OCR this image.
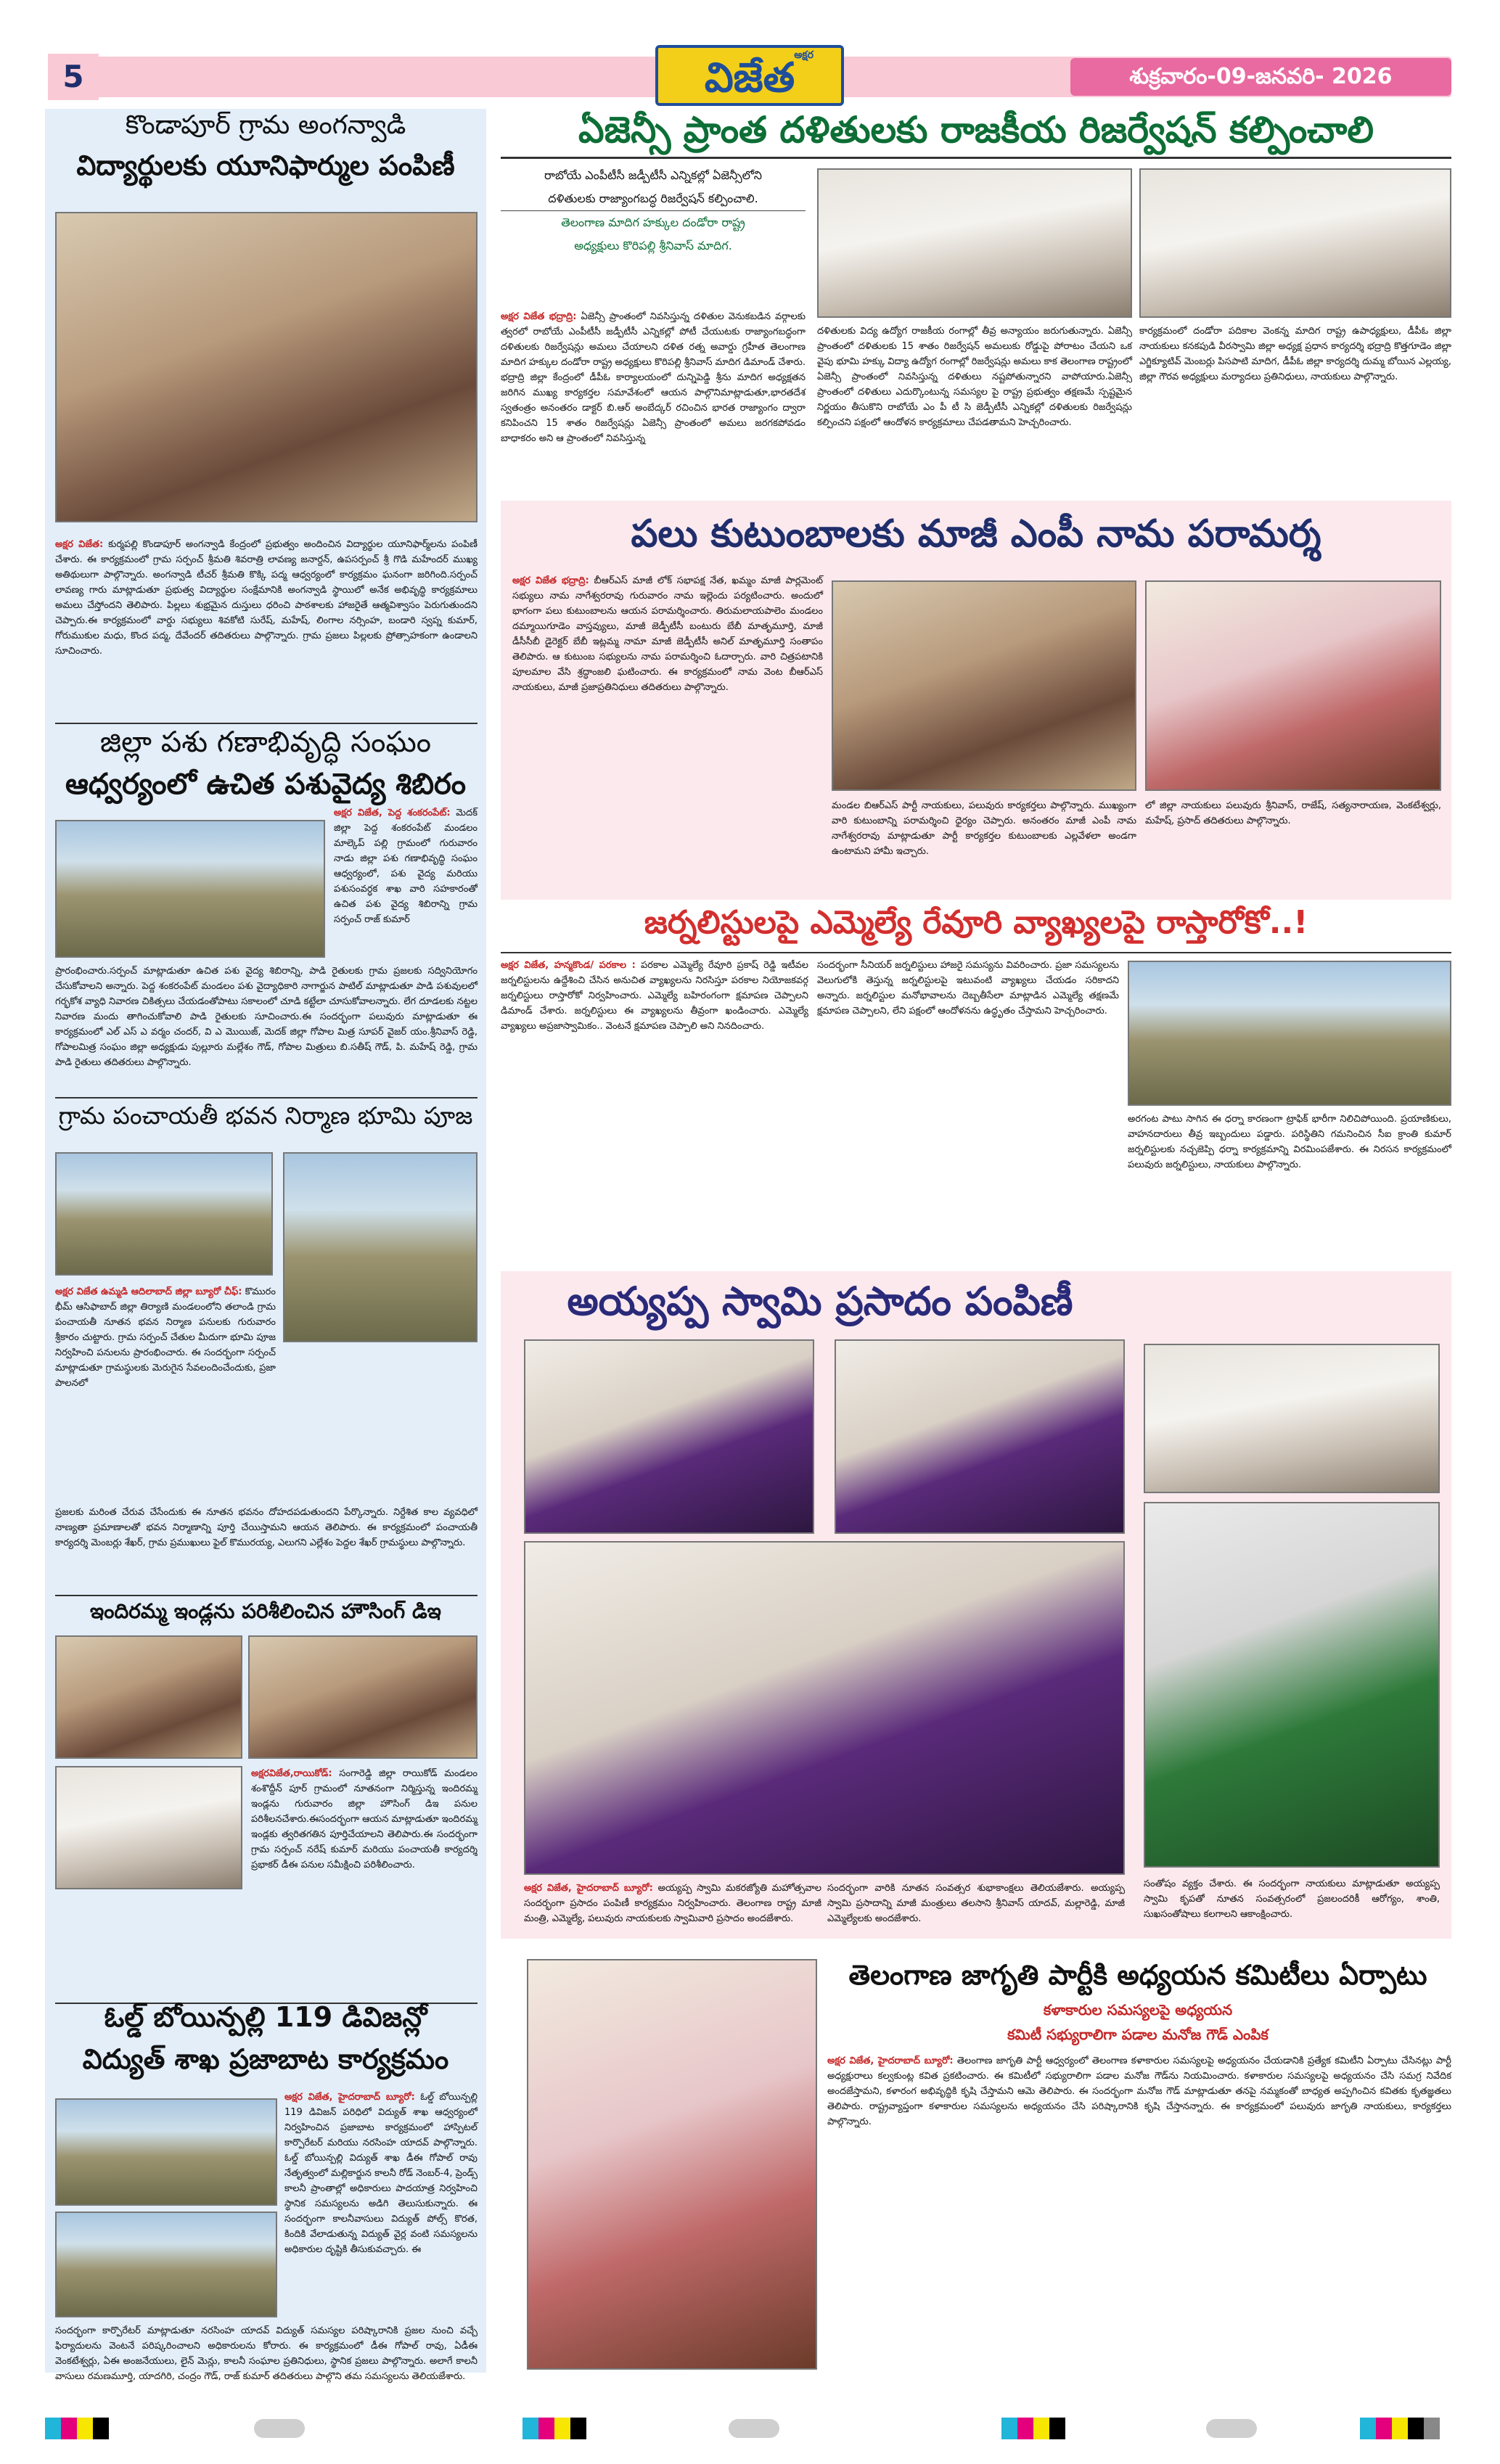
5
అక్షర
విజేత	శుక్రవారం-09-జనవరి- 2026
కొండాపూర్ గ్రామ అంగన్వాడి
విద్యార్థులకు యూనిఫార్ముల పంపిణీ
అక్షర విజేత: కుర్మపల్లి కొండాపూర్ అంగన్వాడి కేంద్రంలో ప్రభుత్వం అందించిన విద్యార్థుల యూనిఫార్మ్‌లను పంపిణీ చేశారు. ఈ కార్యక్రమంలో గ్రామ సర్పంచ్ శ్రీమతి శివరాత్రి లావణ్య జనార్దన్, ఉపసర్పంచ్ శ్రీ గొడి మహేందర్ ముఖ్య అతిథులుగా పాల్గొన్నారు. అంగన్వాడి టీచర్ శ్రీమతి కొక్కి పద్మ ఆధ్వర్యంలో కార్యక్రమం ఘనంగా జరిగింది.సర్పంచ్ లావణ్య గారు మాట్లాడుతూ ప్రభుత్వ విద్యార్థుల సంక్షేమానికి అంగన్వాడి స్థాయిలో అనేక అభివృద్ధి కార్యక్రమాలు అమలు చేస్తోందని తెలిపారు. పిల్లలు శుభ్రమైన దుస్తులు ధరించి పాఠశాలకు హాజరైతే ఆత్మవిశ్వాసం పెరుగుతుందని చెప్పారు.ఈ కార్యక్రమంలో వార్డు సభ్యులు శివకోటి సురేష్, మహేష్, లింగాల నర్సింహ, బండారి స్వప్న కుమార్, గోరుముకుల మధు, కొంద పద్మ, దేవేందర్ తదితరులు పాల్గొన్నారు. గ్రామ ప్రజలు పిల్లలకు ప్రోత్సాహకంగా ఉండాలని సూచించారు.
జిల్లా పశు గణాభివృద్ధి సంఘం
ఆధ్వర్యంలో ఉచిత పశువైద్య శిబిరం
అక్షర విజేత, పెద్ద శంకరంపేట్: మెదక్ జిల్లా పెద్ద శంకరంపేట్ మండలం మాల్కెప్ పల్లి గ్రామంలో గురువారం నాడు జిల్లా పశు గణాభివృద్ధి సంఘం ఆధ్వర్యంలో, పశు వైద్య మరియు పశుసంవర్ధక శాఖ వారి సహకారంతో ఉచిత పశు వైద్య శిబిరాన్ని గ్రామ సర్పంచ్ రాజ్ కుమార్
ప్రారంభించారు.సర్పంచ్ మాట్లాడుతూ ఉచిత పశు వైద్య శిబిరాన్ని, పాడి రైతులకు గ్రామ ప్రజలకు సద్వినియోగం చేసుకోవాలని అన్నారు. పెద్ద శంకరంపేట్ మండలం పశు వైద్యాధికారి నాగార్జున పాటిల్ మాట్లాడుతూ పాడి పశువులలో గర్భకోశ వ్యాధి నివారణ చికిత్సలు చేయడంతోపాటు సకాలంలో చూడి కట్టేలా చూసుకోవాలన్నారు. లేగ దూడలకు నట్టల నివారణ మందు తాగించుకోవాలి పాడి రైతులకు సూచించారు.ఈ సందర్భంగా పలువురు మాట్లాడుతూ ఈ కార్యక్రమంలో ఎల్ ఎస్ ఎ వర్మం చందర్, వి ఎ మొయిజ్, మెదక్ జిల్లా గోపాల మిత్ర సూపర్ వైజర్ యం.శ్రీనివాస్ రెడ్డి, గోపాలమిత్ర సంఘం జిల్లా అధ్యక్షుడు పుల్లూరు మల్లేశం గౌడ్, గోపాల మిత్రులు బి.సతీష్ గౌడ్, పి. మహేష్ రెడ్డి, గ్రామ పాడి రైతులు తదితరులు పాల్గొన్నారు.
గ్రామ పంచాయతీ భవన నిర్మాణ భూమి పూజ
అక్షర విజేత ఉమ్మడి ఆదిలాబాద్ జిల్లా బ్యూరో చీఫ్: కొమురం భీమ్ ఆసిఫాబాద్ జిల్లా తిర్యాణి మండలంలోని తలాండి గ్రామ పంచాయతీ నూతన భవన నిర్మాణ పనులకు గురువారం శ్రీకారం చుట్టారు. గ్రామ సర్పంచ్ చేతుల మీదుగా భూమి పూజ నిర్వహించి పనులను ప్రారంభించారు. ఈ సందర్భంగా సర్పంచ్ మాట్లాడుతూ గ్రామస్థులకు మెరుగైన సేవలందించేందుకు, ప్రజా పాలనలో
ప్రజలకు మరింత చేరువ చేసేందుకు ఈ నూతన భవనం దోహదపడుతుందని పేర్కొన్నారు. నిర్దేశిత కాల వ్యవధిలో నాణ్యతా ప్రమాణాలతో భవన నిర్మాణాన్ని పూర్తి చేయిస్తామని ఆయన తెలిపారు. ఈ కార్యక్రమంలో పంచాయతీ కార్యదర్శి మెంబర్లు శేఖర్, గ్రామ ప్రముఖులు ఫైల్ కొమురయ్య, ఎలుగని ఎల్లేశం పెద్దల శేఖర్ గ్రామస్థులు పాల్గొన్నారు.
ఇందిరమ్మ ఇండ్లను పరిశీలించిన హౌసింగ్ డిఇ
అక్షరవిజేత,రాయికోడ్: సంగారెడ్డి జిల్లా రాయికోడ్ మండలం శంశొద్దీన్ పూర్ గ్రామంలో నూతనంగా నిర్మిస్తున్న ఇందిరమ్మ ఇండ్లను గురువారం జిల్లా హౌసింగ్ డిఇ పనుల పరిశీలనచేశారు.ఈసందర్భంగా ఆయన మాట్లాడుతూ ఇందిరమ్మ ఇండ్లకు త్వరితగతిన పూర్తిచేయాలని తెలిపారు.ఈ సందర్భంగా గ్రామ సర్పంచ్ నరేష్ కుమార్ మరియు పంచాయతీ కార్యదర్శి ప్రభాకర్ డీఈ పనుల సమీక్షించి పరిశీలించారు.
ఓల్డ్ బోయిన్పల్లి 119 డివిజన్లో
విద్యుత్ శాఖ ప్రజాబాట కార్యక్రమం
అక్షర విజేత, హైదరాబాద్ బ్యూరో: ఓల్డ్ బోయిన్పల్లి 119 డివిజన్ పరిధిలో విద్యుత్ శాఖ ఆధ్వర్యంలో నిర్వహించిన ప్రజాబాట కార్యక్రమంలో హాస్పిటల్ కార్పొరేటర్ మరియు నరసింహ యాదవ్ పాల్గొన్నారు. ఓల్డ్ బోయిన్పల్లి విద్యుత్ శాఖ డీఈ గోపాల్ రావు నేతృత్వంలో మల్లికార్జున కాలనీ రోడ్ నెంబర్-4, ప్రెండ్స్ కాలనీ ప్రాంతాల్లో అధికారులు పాదయాత్ర నిర్వహించి స్థానిక సమస్యలను అడిగి తెలుసుకున్నారు. ఈ సందర్భంగా కాలనీవాసులు విద్యుత్ పోల్స్ కొరత, కిందికి వేలాడుతున్న విద్యుత్ వైర్ల వంటి సమస్యలను అధికారుల దృష్టికి తీసుకువచ్చారు. ఈ
సందర్భంగా కార్పొరేటర్ మాట్లాడుతూ నరసింహ యాదవ్ విద్యుత్ సమస్యల పరిష్కారానికి ప్రజల నుంచి వచ్చే ఫిర్యాదులను వెంటనే పరిష్కరించాలని అధికారులను కోరారు. ఈ కార్యక్రమంలో డీఈ గోపాల్ రావు, ఏడీఈ వెంకటేశ్వర్లు, ఏఈ అంజనేయులు, లైన్ మెన్లు, కాలనీ సంఘాల ప్రతినిధులు, స్థానిక ప్రజలు పాల్గొన్నారు. అలాగే కాలనీ వాసులు రమణమూర్తి, యాదగిరి, చంద్రం గౌడ్, రాజ్ కుమార్ తదితరులు పాల్గొని తమ సమస్యలను తెలియజేశారు.
ఏజెన్సీ ప్రాంత దళితులకు రాజకీయ రిజర్వేషన్ కల్పించాలి
రాబోయే ఎంపీటీసీ జడ్పీటీసీ ఎన్నికల్లో ఏజెన్సీలోని
దళితులకు రాజ్యాంగబద్ధ రిజర్వేషన్ కల్పించాలి.
తెలంగాణ మాదిగ హక్కుల దండోరా రాష్ట్ర
అధ్యక్షులు కొరిపల్లి శ్రీనివాస్ మాదిగ.
అక్షర విజేత భద్రాద్రి: ఏజెన్సీ ప్రాంతంలో నివసిస్తున్న దళితుల వెనుకబడిన వర్గాలకు త్వరలో రాబోయే ఎంపీటీసీ జడ్పీటీసీ ఎన్నికల్లో పోటీ చేయుటకు రాజ్యాంగబద్ధంగా దళితులకు రిజర్వేషన్లు అమలు చేయాలని దళిత రత్న అవార్డు గ్రహీత తెలంగాణ మాదిగ హక్కుల దండోరా రాష్ట్ర అధ్యక్షులు కొరిపల్లి శ్రీనివాస్ మాదిగ డిమాండ్ చేశారు. భద్రాద్రి జిల్లా కేంద్రంలో డీపీఓ కార్యాలయంలో దున్నిపెడ్డి శ్రీను మాదిగ అధ్యక్షతన జరిగిన ముఖ్య కార్యకర్తల సమావేశంలో ఆయన పాల్గొనిమాట్లాడుతూ,భారతదేశ స్వతంత్రం అనంతరం డాక్టర్ బి.ఆర్ అంబేద్కర్ రచించిన భారత రాజ్యాంగం ద్వారా కనిపించని 15 శాతం రిజర్వేషన్లు ఏజెన్సీ ప్రాంతంలో అమలు జరగకపోవడం బాధాకరం అని ఆ ప్రాంతంలో నివసిస్తున్న
దళితులకు విద్య ఉద్యోగ రాజకీయ రంగాల్లో తీవ్ర అన్యాయం జరుగుతున్నారు. ఏజెన్సీ ప్రాంతంలో దళితులకు 15 శాతం రిజర్వేషన్ అమలుకు రోడ్డుపై పోరాటం చేయని ఒక వైపు భూమి హక్కు విద్యా ఉద్యోగ రంగాల్లో రిజర్వేషన్లు అమలు కాక తెలంగాణ రాష్ట్రంలో ఏజెన్సీ ప్రాంతంలో నివసిస్తున్న దళితులు నష్టపోతున్నారని వాపోయారు.ఏజెన్సీ ప్రాంతంలో దళితులు ఎదుర్కొంటున్న సమస్యల పై రాష్ట్ర ప్రభుత్వం తక్షణమే స్పష్టమైన నిర్ణయం తీసుకొని రాబోయే ఎం పీ టీ సి జెడ్పీటీసీ ఎన్నికల్లో దళితులకు రిజర్వేషన్లు కల్పించని పక్షంలో ఆందోళన కార్యక్రమాలు చేపడతామని హెచ్చరించారు.
కార్యక్రమంలో దండోరా పదికాల వెంకన్న మాదిగ రాష్ట్ర ఉపాధ్యక్షులు, డీపీఓ జిల్లా నాయకులు కనకపుడి వీరస్వామి జిల్లా అధ్యక్ష ప్రధాన కార్యదర్శి భద్రాద్రి కొత్తగూడెం జిల్లా ఎగ్జిక్యూటివ్ మెంబర్లు పిసపాటి మాదిగ, డీపీఓ జిల్లా కార్యదర్శి దుమ్మ బోయిన ఎల్లయ్య, జిల్లా గౌరవ అధ్యక్షులు మర్యాదలు ప్రతినిధులు, నాయకులు పాల్గొన్నారు.
పలు కుటుంబాలకు మాజీ ఎంపీ నామ పరామర్శ
అక్షర విజేత భద్రాద్రి: బీఆర్ఎస్ మాజీ లోక్ సభాపక్ష నేత, ఖమ్మం మాజీ పార్లమెంట్ సభ్యులు నామ నాగేశ్వరరావు గురువారం నామ ఇల్లెందు పర్యటించారు. అందులో భాగంగా పలు కుటుంబాలను ఆయన పరామర్శించారు. తిరుమలాయపాలెం మండలం దమ్మాయిగూడెం వాస్తవ్యులు, మాజీ జెడ్పీటీసీ బంటురు బేబీ మాతృమూర్తి, మాజీ డీసీసీబీ డైరెక్టర్ బేబీ ఇట్లమ్మ నామా మాజీ జెడ్పీటీసీ అనిల్ మాతృమూర్తి సంతాపం తెలిపారు. ఆ కుటుంబ సభ్యులను నామ పరామర్శించి ఓదార్చారు. వారి చిత్రపటానికి పూలమాల వేసి శ్రద్ధాంజలి ఘటించారు. ఈ కార్యక్రమంలో నామ వెంట బీఆర్ఎస్ నాయకులు, మాజీ ప్రజాప్రతినిధులు తదితరులు పాల్గొన్నారు.
మండల బిఆర్ఎస్ పార్టీ నాయకులు, పలువురు కార్యకర్తలు పాల్గొన్నారు. ముఖ్యంగా వారి కుటుంబాన్ని పరామర్శించి ధైర్యం చెప్పారు. అనంతరం మాజీ ఎంపీ నామ నాగేశ్వరరావు మాట్లాడుతూ పార్టీ కార్యకర్తల కుటుంబాలకు ఎల్లవేళలా అండగా ఉంటామని హామీ ఇచ్చారు.
లో జిల్లా నాయకులు పలువురు శ్రీనివాస్, రాజేష్, సత్యనారాయణ, వెంకటేశ్వర్లు, మహేష్, ప్రసాద్ తదితరులు పాల్గొన్నారు.
జర్నలిస్టులపై ఎమ్మెల్యే రేవూరి వ్యాఖ్యలపై రాస్తారోకో..!
అక్షర విజేత, హన్మకొండ/ పరకాల : పరకాల ఎమ్మెల్యే రేవూరి ప్రకాష్ రెడ్డి ఇటీవల జర్నలిస్టులను ఉద్దేశించి చేసిన అనుచిత వ్యాఖ్యలను నిరసిస్తూ పరకాల నియోజకవర్గ జర్నలిస్టులు రాస్తారోకో నిర్వహించారు. ఎమ్మెల్యే బహిరంగంగా క్షమాపణ చెప్పాలని డిమాండ్ చేశారు. జర్నలిస్టులు ఈ వ్యాఖ్యలను తీవ్రంగా ఖండించారు. ఎమ్మెల్యే వ్యాఖ్యలు అప్రజాస్వామికం.. వెంటనే క్షమాపణ చెప్పాలి అని నినదించారు.
సందర్భంగా సీనియర్ జర్నలిస్టులు హాజరై సమస్యను వివరించారు. ప్రజా సమస్యలను వెలుగులోకి తెస్తున్న జర్నలిస్టులపై ఇటువంటి వ్యాఖ్యలు చేయడం సరికాదని అన్నారు. జర్నలిస్టుల మనోభావాలను దెబ్బతీసేలా మాట్లాడిన ఎమ్మెల్యే తక్షణమే క్షమాపణ చెప్పాలని, లేని పక్షంలో ఆందోళనను ఉద్ధృతం చేస్తామని హెచ్చరించారు.
అరగంట పాటు సాగిన ఈ ధర్నా కారణంగా ట్రాఫిక్ భారీగా నిలిచిపోయింది. ప్రయాణికులు, వాహనదారులు తీవ్ర ఇబ్బందులు పడ్డారు. పరిస్థితిని గమనించిన సీఐ క్రాంతి కుమార్ జర్నలిస్టులకు నచ్చజెప్పి ధర్నా కార్యక్రమాన్ని విరమింపజేశారు. ఈ నిరసన కార్యక్రమంలో పలువురు జర్నలిస్టులు, నాయకులు పాల్గొన్నారు.
అయ్యప్ప స్వామి ప్రసాదం పంపిణీ
అక్షర విజేత, హైదరాబాద్ బ్యూరో: అయ్యప్ప స్వామి మకరజ్యోతి మహోత్సవాల సందర్భంగా ప్రసాదం పంపిణీ కార్యక్రమం నిర్వహించారు. తెలంగాణ రాష్ట్ర మాజీ మంత్రి, ఎమ్మెల్యే, పలువురు నాయకులకు స్వామివారి ప్రసాదం అందజేశారు.
సందర్భంగా వారికి నూతన సంవత్సర శుభాకాంక్షలు తెలియజేశారు. అయ్యప్ప స్వామి ప్రసాదాన్ని మాజీ మంత్రులు తలసాని శ్రీనివాస్ యాదవ్, మల్లారెడ్డి, మాజీ ఎమ్మెల్యేలకు అందజేశారు.
సంతోషం వ్యక్తం చేశారు. ఈ సందర్భంగా నాయకులు మాట్లాడుతూ అయ్యప్ప స్వామి కృపతో నూతన సంవత్సరంలో ప్రజలందరికీ ఆరోగ్యం, శాంతి, సుఖసంతోషాలు కలగాలని ఆకాంక్షించారు.
తెలంగాణ జాగృతి పార్టీకి అధ్యయన కమిటీలు ఏర్పాటు
కళాకారుల సమస్యలపై అధ్యయన
కమిటీ సభ్యురాలిగా పడాల మనోజ గౌడ్ ఎంపిక
అక్షర విజేత, హైదరాబాద్ బ్యూరో: తెలంగాణ జాగృతి పార్టీ ఆధ్వర్యంలో తెలంగాణ కళాకారుల సమస్యలపై అధ్యయనం చేయడానికి ప్రత్యేక కమిటీని ఏర్పాటు చేసినట్లు పార్టీ అధ్యక్షురాలు కల్వకుంట్ల కవిత ప్రకటించారు. ఈ కమిటీలో సభ్యురాలిగా పడాల మనోజ గౌడ్‌ను నియమించారు. కళాకారుల సమస్యలపై అధ్యయనం చేసి సమగ్ర నివేదిక అందజేస్తామని, కళారంగ అభివృద్ధికి కృషి చేస్తామని ఆమె తెలిపారు. ఈ సందర్భంగా మనోజ గౌడ్ మాట్లాడుతూ తనపై నమ్మకంతో బాధ్యత అప్పగించిన కవితకు కృతజ్ఞతలు తెలిపారు. రాష్ట్రవ్యాప్తంగా కళాకారుల సమస్యలను అధ్యయనం చేసి పరిష్కారానికి కృషి చేస్తానన్నారు. ఈ కార్యక్రమంలో పలువురు జాగృతి నాయకులు, కార్యకర్తలు పాల్గొన్నారు.
